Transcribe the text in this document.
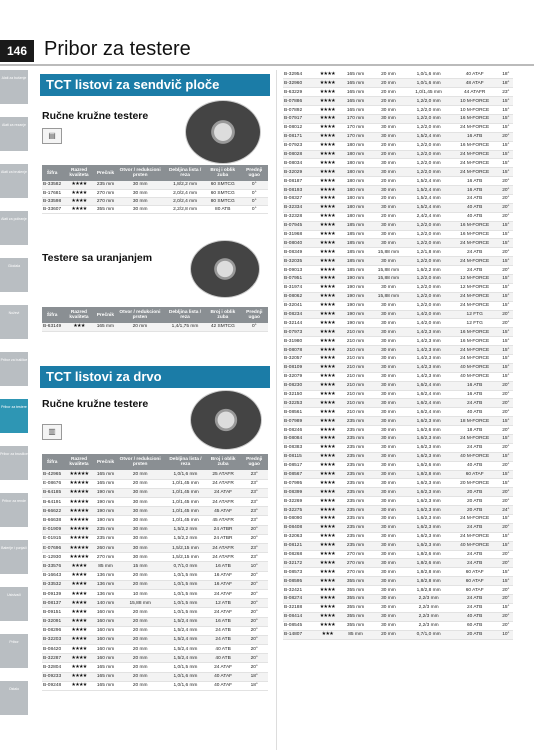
146 Pribor za testere
Alati za bušenje
Alati za rezanje
Alati za brušenje
Alati za poliranje
Glodala
Noževi
Pribor za bušilice
Pribor za testere
Pribor za brusilice
Pribor za rende
Baterije i punjači
Usisivači
Pribor
Ostalo
TCT listovi za sendvič ploče
Ručne kružne testere
▤
Šifra	Razred kvaliteta	Prečnik	Otvor / redukcioni prsten	Debljina lista / reza	Broj i oblik zuba	Prednji ugao
B-33582	★★★★	235 mm	30 mm	1,8/2,2 mm	60 SMTCG	0°
B-17681	★★★★	270 mm	30 mm	2,0/2,4 mm	60 SMTCG	0°
B-33598	★★★★	270 mm	30 mm	2,0/2,4 mm	80 SMTCG	0°
B-33607	★★★★	355 mm	30 mm	2,2/2,8 mm	80 ATB	0°
Testere sa uranjanjem
Šifra	Razred kvaliteta	Prečnik	Otvor / redukcioni prsten	Debljina lista / reza	Broj i oblik zuba	Prednji ugao
B-63149	★★★	165 mm	20 mm	1,4/1,75 mm	42 SMTCG	0°
TCT listovi za drvo
Ručne kružne testere
▥
Šifra	Razred kvaliteta	Prečnik	Otvor / redukcioni prsten	Debljina lista / reza	Broj i oblik zuba	Prednji ugao
B-42965	★★★★★	165 mm	20 mm	1,0/1,6 mm	25 ATAFR	23°
E-08676	★★★★★	165 mm	20 mm	1,0/1,45 mm	24 ATAFR	23°
B-64185	★★★★★	190 mm	30 mm	1,0/1,45 mm	24 ATAF	23°
B-64191	★★★★★	190 mm	30 mm	1,0/1,45 mm	24 ATAFR	23°
B-66622	★★★★★	190 mm	30 mm	1,0/1,45 mm	45 ATAF	23°
B-66638	★★★★★	190 mm	30 mm	1,0/1,45 mm	45 ATAFR	23°
E-01909	★★★★★	235 mm	30 mm	1,5/2,2 mm	24 ATBR	20°
E-01915	★★★★★	235 mm	30 mm	1,5/2,2 mm	24 ATBR	20°
E-07696	★★★★★	260 mm	30 mm	1,5/2,15 mm	24 ATAFR	23°
E-12930	★★★★★	270 mm	30 mm	1,5/2,15 mm	24 ATAFR	23°
B-33576	★★★★	85 mm	15 mm	0,7/1,0 mm	16 ATB	10°
B-16643	★★★★	136 mm	20 mm	1,0/1,5 mm	16 ATAF	20°
B-33532	★★★★	136 mm	20 mm	1,0/1,5 mm	16 ATAF	20°
B-09139	★★★★	136 mm	10 mm	1,0/1,5 mm	24 ATAF	20°
B-08137	★★★★	140 mm	15,88 mm	1,0/1,5 mm	12 ATB	20°
B-09151	★★★★	160 mm	20 mm	1,0/1,5 mm	24 ATAF	20°
B-32091	★★★★	160 mm	20 mm	1,5/2,4 mm	16 ATB	20°
B-08296	★★★★	160 mm	20 mm	1,5/2,4 mm	24 ATB	20°
B-32203	★★★★	160 mm	20 mm	1,5/2,4 mm	24 ATB	20°
B-08420	★★★★	160 mm	20 mm	1,5/2,4 mm	40 ATB	20°
B-32287	★★★★	160 mm	20 mm	1,5/2,4 mm	40 ATB	20°
B-32804	★★★★	165 mm	20 mm	1,0/1,5 mm	24 ATAF	20°
B-09233	★★★★	165 mm	20 mm	1,0/1,6 mm	40 ATAF	18°
B-09248	★★★★	165 mm	20 mm	1,0/1,6 mm	40 ATAF	18°
B-32954	★★★★	165 mm	20 mm	1,0/1,6 mm	40 ATAF	18°
B-32960	★★★★	165 mm	20 mm	1,0/1,6 mm	48 ATAF	18°
B-63229	★★★★	165 mm	20 mm	1,0/1,45 mm	44 ATAFR	23°
B-07886	★★★★	165 mm	20 mm	1,2/2,0 mm	10 M-FORCE	15°
B-07892	★★★★	165 mm	30 mm	1,2/2,0 mm	10 M-FORCE	15°
B-07917	★★★★	170 mm	30 mm	1,2/2,0 mm	16 M-FORCE	15°
B-08012	★★★★	170 mm	30 mm	1,2/2,0 mm	24 M-FORCE	15°
B-08171	★★★★	170 mm	30 mm	1,5/2,4 mm	16 ATB	20°
B-07923	★★★★	180 mm	20 mm	1,2/2,0 mm	16 M-FORCE	15°
B-08028	★★★★	180 mm	20 mm	1,2/2,0 mm	24 M-FORCE	15°
B-08034	★★★★	180 mm	30 mm	1,2/2,0 mm	24 M-FORCE	15°
B-32029	★★★★	180 mm	30 mm	1,2/2,0 mm	24 M-FORCE	15°
B-08187	★★★★	180 mm	20 mm	1,5/2,4 mm	16 ATB	20°
B-08193	★★★★	180 mm	30 mm	1,5/2,4 mm	16 ATB	20°
B-08327	★★★★	180 mm	20 mm	1,5/2,4 mm	24 ATB	20°
B-32334	★★★★	180 mm	30 mm	1,5/2,4 mm	40 ATB	20°
B-32328	★★★★	180 mm	20 mm	2,4/2,4 mm	40 ATB	20°
B-07945	★★★★	185 mm	30 mm	1,2/2,0 mm	16 M-FORCE	15°
B-31968	★★★★	185 mm	30 mm	1,2/2,0 mm	16 M-FORCE	15°
B-08040	★★★★	185 mm	30 mm	1,2/2,0 mm	24 M-FORCE	15°
B-08349	★★★★	185 mm	15,88 mm	1,2/1,8 mm	24 ATB	20°
B-32035	★★★★	185 mm	30 mm	1,2/2,0 mm	24 M-FORCE	15°
B-09013	★★★★	185 mm	15,88 mm	1,6/2,2 mm	24 ATB	20°
B-07951	★★★★	190 mm	15,88 mm	1,2/2,0 mm	12 M-FORCE	15°
B-31974	★★★★	190 mm	30 mm	1,2/2,0 mm	12 M-FORCE	15°
B-08062	★★★★	190 mm	15,88 mm	1,2/2,0 mm	24 M-FORCE	15°
B-32041	★★★★	190 mm	30 mm	1,2/2,0 mm	24 M-FORCE	15°
B-08234	★★★★	190 mm	30 mm	1,4/2,0 mm	12 FTG	20°
B-32144	★★★★	190 mm	30 mm	1,4/2,0 mm	12 FTG	20°
B-07973	★★★★	210 mm	30 mm	1,4/2,3 mm	16 M-FORCE	15°
B-31980	★★★★	210 mm	30 mm	1,4/2,3 mm	16 M-FORCE	15°
B-08078	★★★★	210 mm	30 mm	1,4/2,3 mm	24 M-FORCE	15°
B-32057	★★★★	210 mm	30 mm	1,4/2,3 mm	24 M-FORCE	15°
B-08109	★★★★	210 mm	30 mm	1,4/2,3 mm	40 M-FORCE	15°
B-32079	★★★★	210 mm	30 mm	1,4/2,3 mm	40 M-FORCE	15°
B-08230	★★★★	210 mm	30 mm	1,6/2,4 mm	16 ATB	20°
B-32150	★★★★	210 mm	30 mm	1,6/2,4 mm	16 ATB	20°
B-32253	★★★★	210 mm	30 mm	1,6/2,4 mm	24 ATB	20°
B-08561	★★★★	210 mm	30 mm	1,6/2,4 mm	40 ATB	20°
B-07989	★★★★	235 mm	30 mm	1,6/2,3 mm	18 M-FORCE	15°
B-08246	★★★★	235 mm	30 mm	1,6/2,6 mm	18 ATB	20°
B-08084	★★★★	235 mm	30 mm	1,6/2,3 mm	24 M-FORCE	15°
B-08383	★★★★	235 mm	30 mm	1,6/2,3 mm	24 ATB	20°
B-08115	★★★★	235 mm	30 mm	1,6/2,3 mm	40 M-FORCE	15°
B-08517	★★★★	235 mm	30 mm	1,6/2,6 mm	40 ATB	20°
B-08567	★★★★	235 mm	30 mm	1,8/2,8 mm	60 ATAF	15°
B-07995	★★★★	235 mm	30 mm	1,6/2,3 mm	20 M-FORCE	15°
B-08399	★★★★	235 mm	30 mm	1,6/2,3 mm	20 ATB	20°
B-32269	★★★★	235 mm	30 mm	1,6/2,3 mm	20 ATB	20°
B-32275	★★★★	235 mm	30 mm	1,6/2,3 mm	20 ATB	24°
B-08090	★★★★	235 mm	30 mm	1,6/2,3 mm	24 M-FORCE	15°
B-08408	★★★★	235 mm	30 mm	1,6/2,3 mm	24 ATB	20°
B-32063	★★★★	235 mm	30 mm	1,6/2,3 mm	24 M-FORCE	15°
B-08121	★★★★	235 mm	30 mm	1,6/2,3 mm	40 M-FORCE	15°
B-08268	★★★★	270 mm	30 mm	1,8/2,6 mm	24 ATB	20°
B-32172	★★★★	270 mm	30 mm	1,8/2,6 mm	24 ATB	20°
B-08573	★★★★	270 mm	30 mm	1,8/2,8 mm	60 ATAF	15°
B-08595	★★★★	355 mm	30 mm	1,8/2,8 mm	60 ATAF	15°
B-32421	★★★★	355 mm	30 mm	1,8/2,8 mm	60 ATAF	20°
B-08274	★★★★	355 mm	30 mm	2,2/3 mm	24 ATB	20°
B-32188	★★★★	355 mm	30 mm	2,2/3 mm	24 ATB	15°
B-08414	★★★★	355 mm	30 mm	2,2/3 mm	40 ATB	20°
B-08545	★★★★	355 mm	30 mm	2,2/3 mm	60 ATB	20°
B-14807	★★★	85 mm	20 mm	0,7/1,0 mm	20 ATB	10°
